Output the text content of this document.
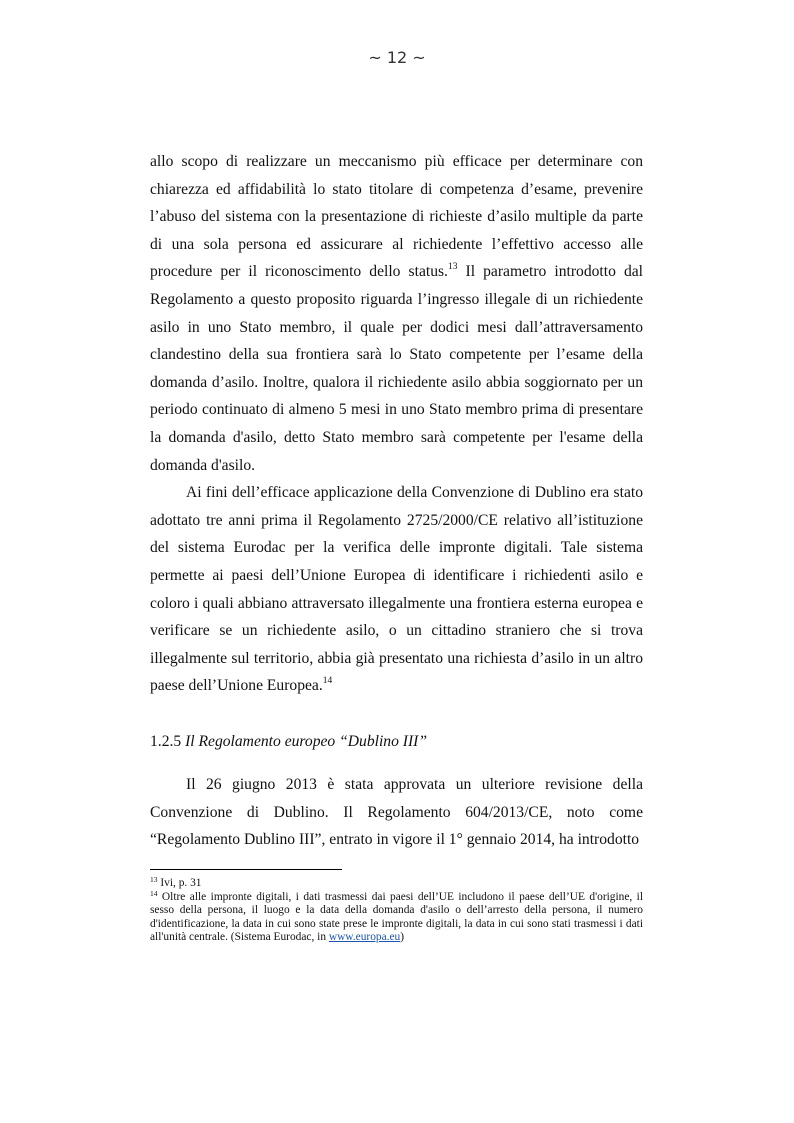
~ 12 ~

allo scopo di realizzare un meccanismo più efficace per determinare con chiarezza ed affidabilità lo stato titolare di competenza d’esame, prevenire l’abuso del sistema con la presentazione di richieste d’asilo multiple da parte di una sola persona ed assicurare al richiedente l’effettivo accesso alle procedure per il riconoscimento dello status.$^{13}$ Il parametro introdotto dal Regolamento a questo proposito riguarda l’ingresso illegale di un richiedente asilo in uno Stato membro, il quale per dodici mesi dall’attraversamento clandestino della sua frontiera sarà lo Stato competente per l’esame della domanda d’asilo. Inoltre, qualora il richiedente asilo abbia soggiornato per un periodo continuato di almeno 5 mesi in uno Stato membro prima di presentare la domanda d'asilo, detto Stato membro sarà competente per l'esame della domanda d'asilo.

Ai fini dell’efficace applicazione della Convenzione di Dublino era stato adottato tre anni prima il Regolamento 2725/2000/CE relativo all’istituzione del sistema Eurodac per la verifica delle impronte digitali. Tale sistema permette ai paesi dell’Unione Europea di identificare i richiedenti asilo e coloro i quali abbiano attraversato illegalmente una frontiera esterna europea e verificare se un richiedente asilo, o un cittadino straniero che si trova illegalmente sul territorio, abbia già presentato una richiesta d’asilo in un altro paese dell’Unione Europea.$^{14}$

1.2.5 Il Regolamento europeo “Dublino III”

Il 26 giugno 2013 è stata approvata un ulteriore revisione della Convenzione di Dublino. Il Regolamento 604/2013/CE, noto come “Regolamento Dublino III”, entrato in vigore il 1° gennaio 2014, ha introdotto

$^{13}$ Ivi, p. 31

$^{14}$ Oltre alle impronte digitali, i dati trasmessi dai paesi dell’UE includono il paese dell’UE d'origine, il sesso della persona, il luogo e la data della domanda d'asilo o dell’arresto della persona, il numero d'identificazione, la data in cui sono state prese le impronte digitali, la data in cui sono stati trasmessi i dati all'unità centrale. (Sistema Eurodac, in www.europa.eu)
